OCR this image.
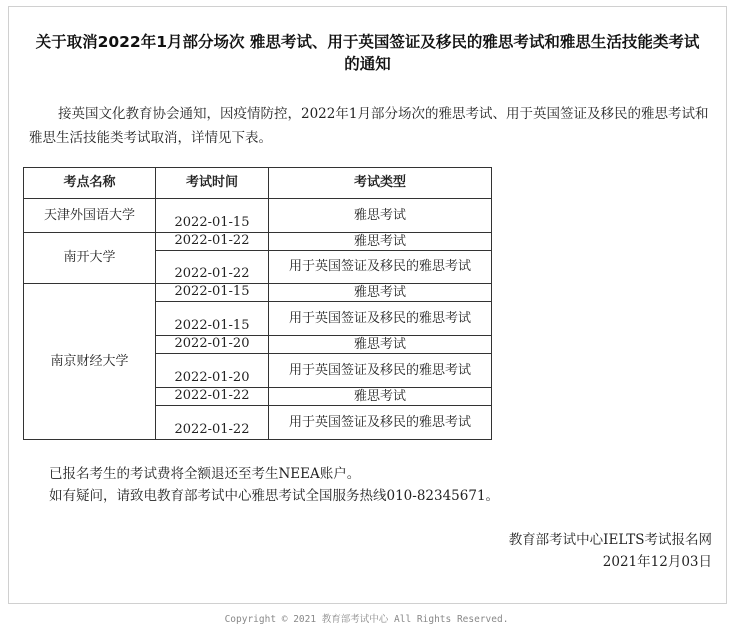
关于取消2022年1月部分场次 雅思考试、用于英国签证及移民的雅思考试和雅思生活技能类考试的通知
接英国文化教育协会通知，因疫情防控，2022年1月部分场次的雅思考试、用于英国签证及移民的雅思考试和雅思生活技能类考试取消，详情见下表。
考点名称	考试时间	考试类型
天津外国语大学	2022-01-15	雅思考试
南开大学	2022-01-22	雅思考试
	2022-01-22	用于英国签证及移民的雅思考试
南京财经大学	2022-01-15	雅思考试
	2022-01-15	用于英国签证及移民的雅思考试
	2022-01-20	雅思考试
	2022-01-20	用于英国签证及移民的雅思考试
	2022-01-22	雅思考试
	2022-01-22	用于英国签证及移民的雅思考试
已报名考生的考试费将全额退还至考生NEEA账户。
如有疑问，请致电教育部考试中心雅思考试全国服务热线010-82345671。
教育部考试中心IELTS考试报名网
2021年12月03日
Copyright © 2021 教育部考试中心 All Rights Reserved.
